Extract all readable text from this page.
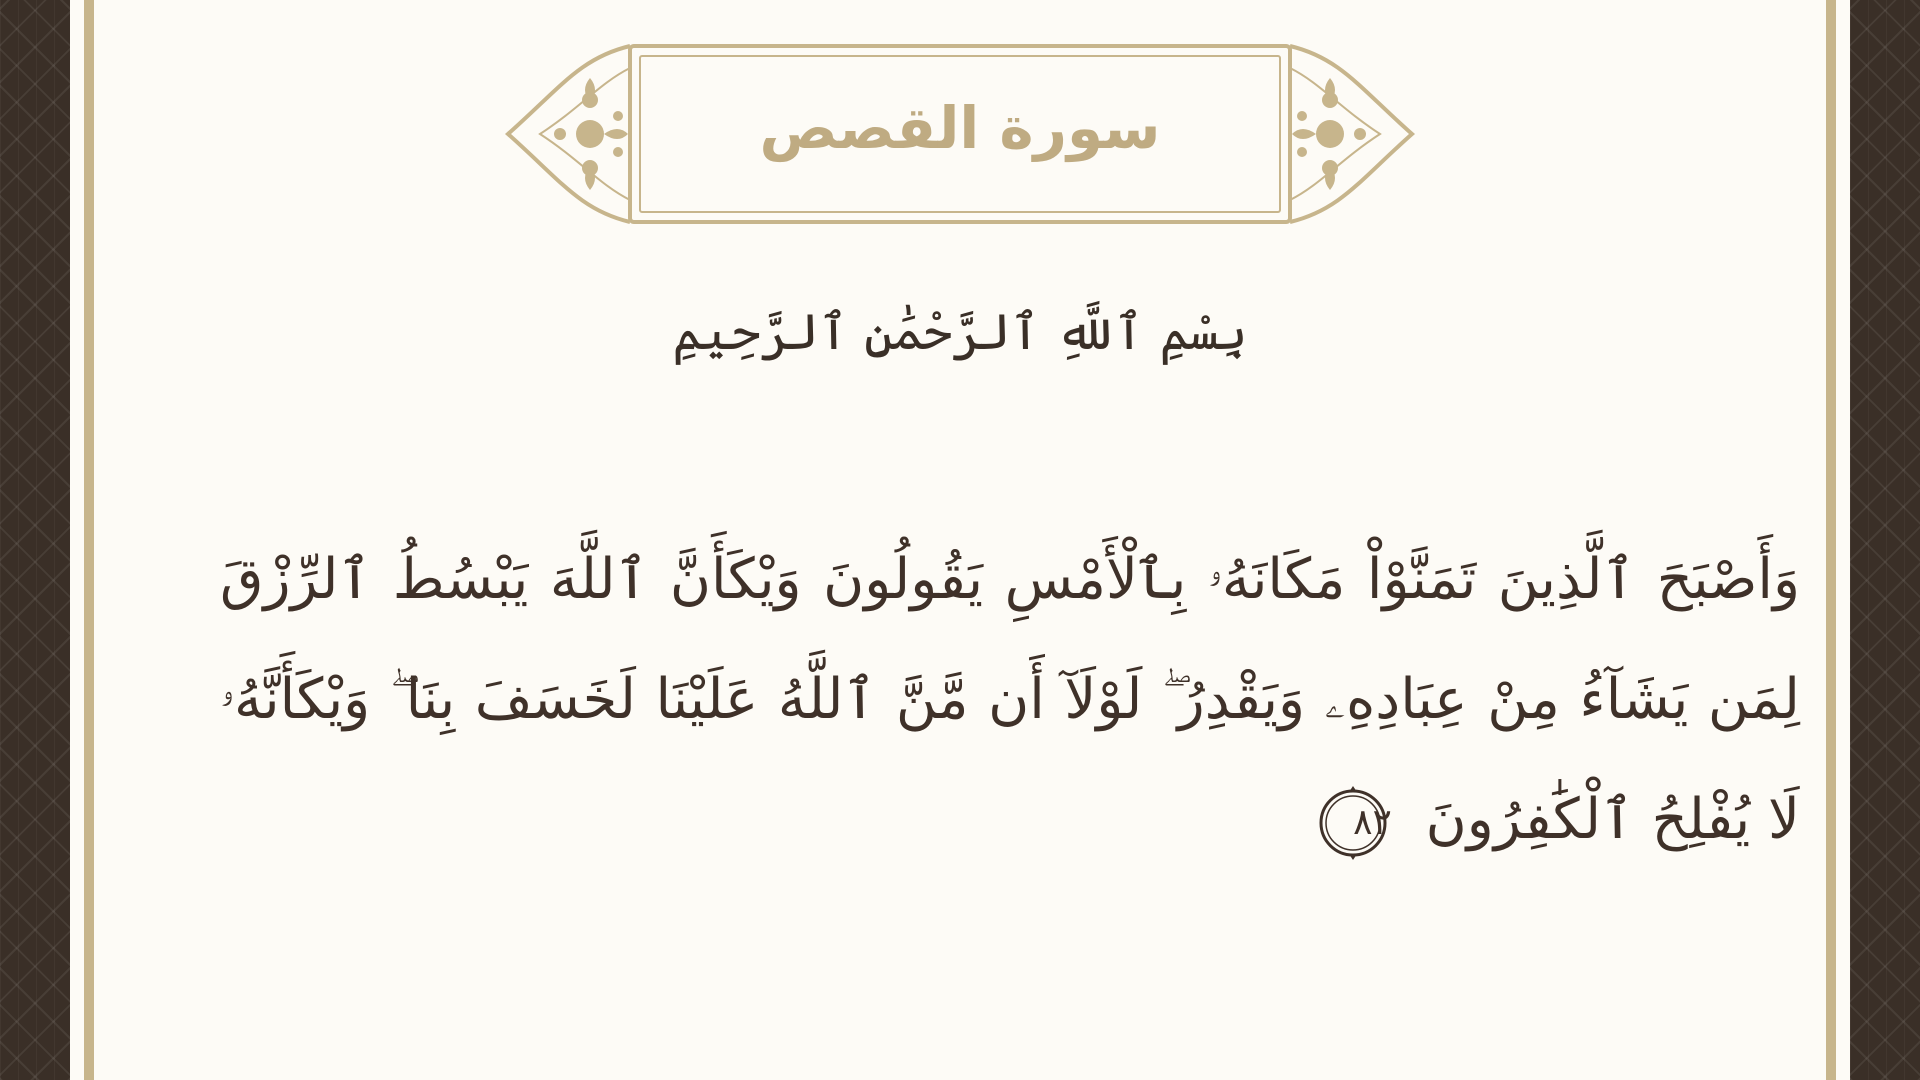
سورة القصص
بِسْمِ ٱللَّهِ ٱلرَّحْمَٰنِ ٱلرَّحِيمِ
وَأَصْبَحَ ٱلَّذِينَ تَمَنَّوْاْ مَكَانَهُۥ بِٱلْأَمْسِ يَقُولُونَ وَيْكَأَنَّ ٱللَّهَ يَبْسُطُ ٱلرِّزْقَ لِمَن يَشَآءُ مِنْ عِبَادِهِۦ وَيَقْدِرُ ۖ لَوْلَآ أَن مَّنَّ ٱللَّهُ عَلَيْنَا لَخَسَفَ بِنَا ۖ وَيْكَأَنَّهُۥ لَا يُفْلِحُ ٱلْكَٰفِرُونَ
٨٢
